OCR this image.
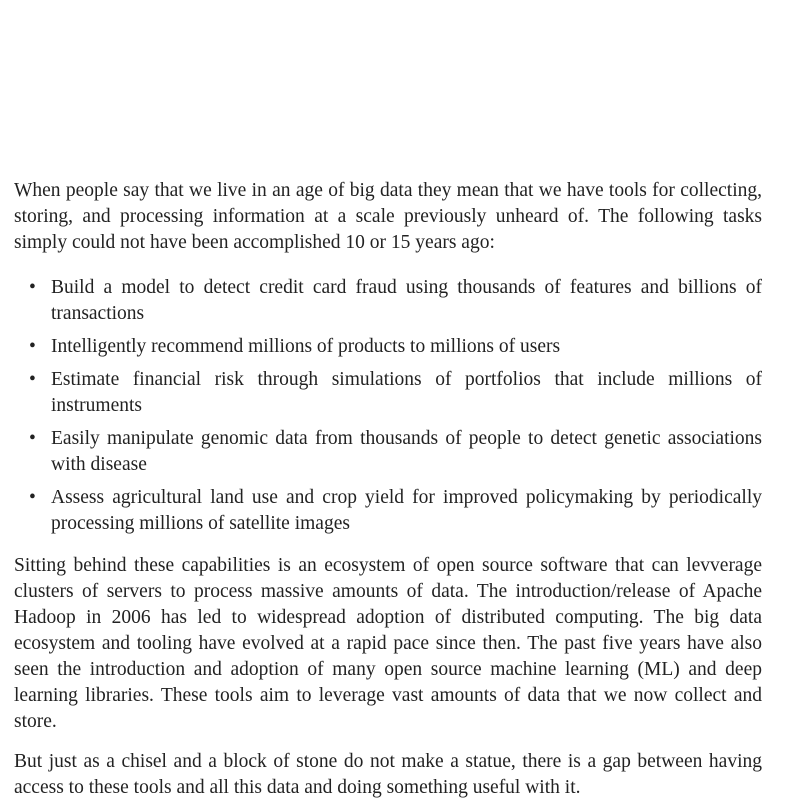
When people say that we live in an age of big data they mean that we have tools for collecting, storing, and processing information at a scale previously unheard of. The following tasks simply could not have been accomplished 10 or 15 years ago:

• Build a model to detect credit card fraud using thousands of features and billions of transactions
• Intelligently recommend millions of products to millions of users
• Estimate financial risk through simulations of portfolios that include millions of instruments
• Easily manipulate genomic data from thousands of people to detect genetic associations with disease
• Assess agricultural land use and crop yield for improved policymaking by periodically processing millions of satellite images

Sitting behind these capabilities is an ecosystem of open source software that can levverage clusters of servers to process massive amounts of data. The introduction/release of Apache Hadoop in 2006 has led to widespread adoption of distributed computing. The big data ecosystem and tooling have evolved at a rapid pace since then. The past five years have also seen the introduction and adoption of many open source machine learning (ML) and deep learning libraries. These tools aim to leverage vast amounts of data that we now collect and store.

But just as a chisel and a block of stone do not make a statue, there is a gap between having access to these tools and all this data and doing something useful with it.
